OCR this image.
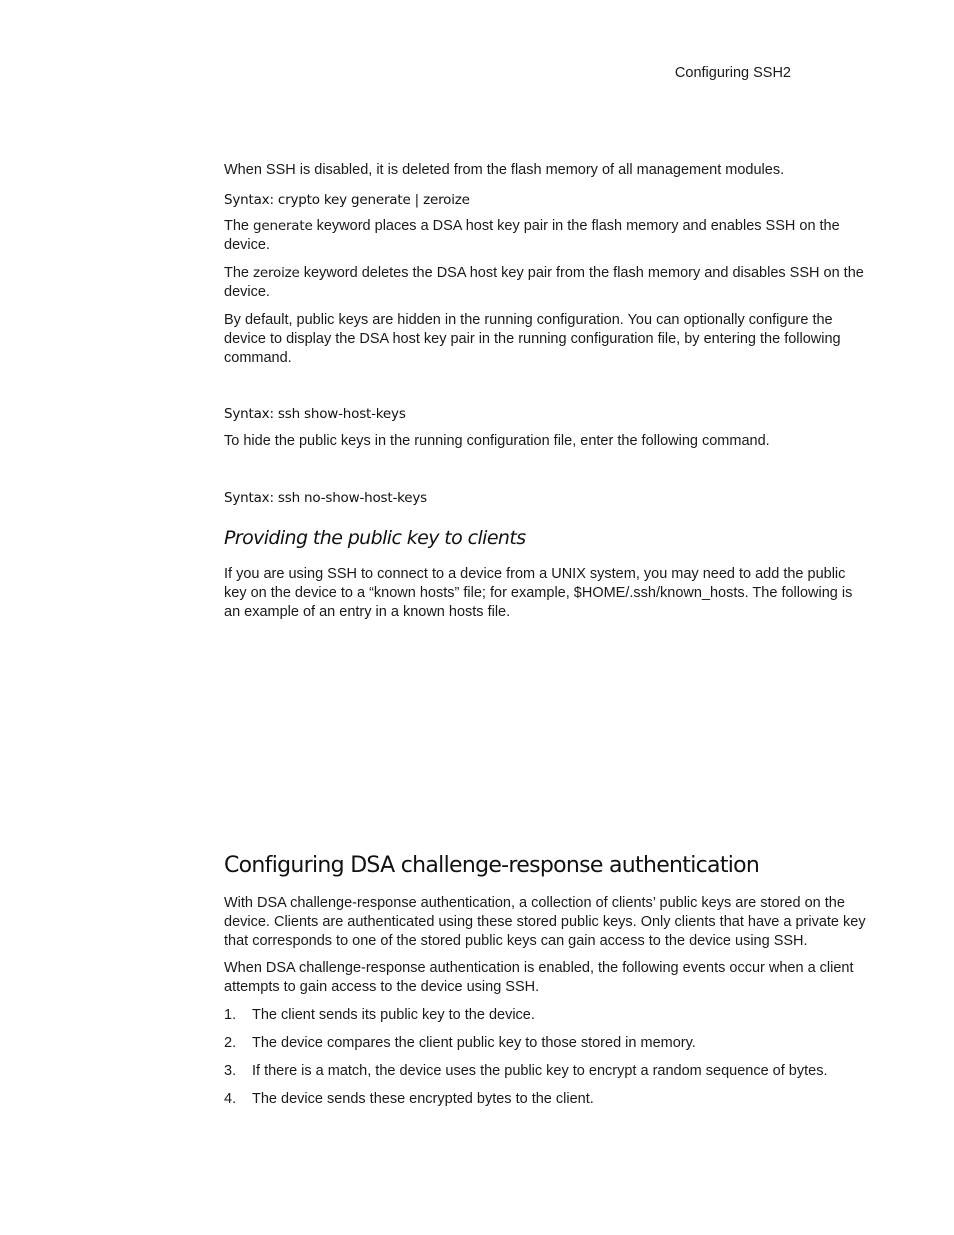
Configuring SSH2
When SSH is disabled, it is deleted from the flash memory of all management modules.
Syntax: crypto key generate | zeroize
The generate keyword places a DSA host key pair in the flash memory and enables SSH on the device.
The zeroize keyword deletes the DSA host key pair from the flash memory and disables SSH on the device.
By default, public keys are hidden in the running configuration. You can optionally configure the device to display the DSA host key pair in the running configuration file, by entering the following command.
Syntax: ssh show-host-keys
To hide the public keys in the running configuration file, enter the following command.
Syntax: ssh no-show-host-keys
Providing the public key to clients
If you are using SSH to connect to a device from a UNIX system, you may need to add the public key on the device to a “known hosts” file; for example, $HOME/.ssh/known_hosts. The following is an example of an entry in a known hosts file.
Configuring DSA challenge-response authentication
With DSA challenge-response authentication, a collection of clients’ public keys are stored on the device. Clients are authenticated using these stored public keys. Only clients that have a private key that corresponds to one of the stored public keys can gain access to the device using SSH.
When DSA challenge-response authentication is enabled, the following events occur when a client attempts to gain access to the device using SSH.
1. The client sends its public key to the device.
2. The device compares the client public key to those stored in memory.
3. If there is a match, the device uses the public key to encrypt a random sequence of bytes.
4. The device sends these encrypted bytes to the client.
